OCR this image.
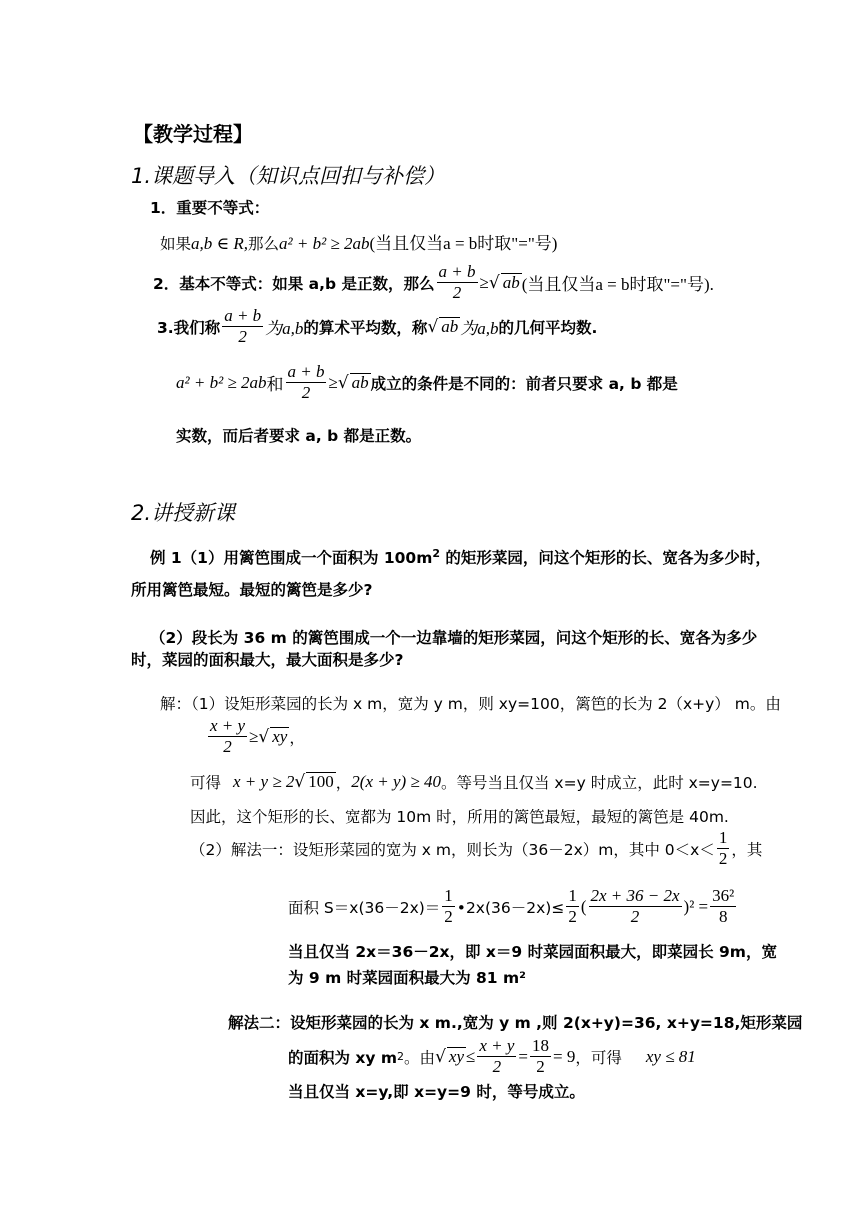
【教学过程】
1.课题导入（知识点回扣与补偿）
1．重要不等式：
如果a,b ∈ R,那么a² + b² ≥ 2ab(当且仅当a = b时取"="号)
2．基本不等式：如果 a,b 是正数，那么 $\frac{a + b}{2}$ ≥ √ ab (当且仅当a = b时取"="号).
3.我们称 $\frac{a + b}{2}$ 为a,b 的算术平均数，称 √ ab 为a,b 的几何平均数.
a² + b² ≥ 2ab 和 $\frac{a + b}{2}$ ≥ √ ab 成立的条件是不同的：前者只要求 a, b 都是
实数，而后者要求 a, b 都是正数。
2.讲授新课
例 1（1）用篱笆围成一个面积为 $100m^2$ 的矩形菜园，问这个矩形的长、宽各为多少时，
所用篱笆最短。最短的篱笆是多少?
（2）段长为 36 m 的篱笆围成一个一边靠墙的矩形菜园，问这个矩形的长、宽各为多少
时，菜园的面积最大，最大面积是多少?
解：（1）设矩形菜园的长为 x m，宽为 y m，则 xy=100，篱笆的长为 2（x+y） m。由
$\frac{x + y}{2}$ ≥ √ xy ，
可得 x + y ≥ 2 √ 100 ， 2(x + y) ≥ 40 。等号当且仅当 x=y 时成立，此时 x=y=10.
因此，这个矩形的长、宽都为 10m 时，所用的篱笆最短，最短的篱笆是 40m.
（2）解法一：设矩形菜园的宽为 x m，则长为（36－2x）m，其中 $0<x< \frac{1}{2}$ ，其
面积 $S=x(36-2x)= \frac{1}{2}$ •2x(36－2x)≤ $\frac{1}{2}$ ( $\frac{2x + 36 - 2x}{2} )^2 = \frac{\text{36²}}{8}$
当且仅当 2x＝36－2x，即 x＝9 时菜园面积最大，即菜园长 9m，宽
为 9 m 时菜园面积最大为 81 m²
解法二：设矩形菜园的长为 x m.,宽为 y m ,则 2(x+y)=36, x+y=18,矩形菜园
的面积为 xy m 2 。由 √ xy ≤ $\frac{x + y}{2} = \frac{18}{2} = 9$ ，可得 xy ≤ 81
当且仅当 x=y,即 x=y=9 时，等号成立。
